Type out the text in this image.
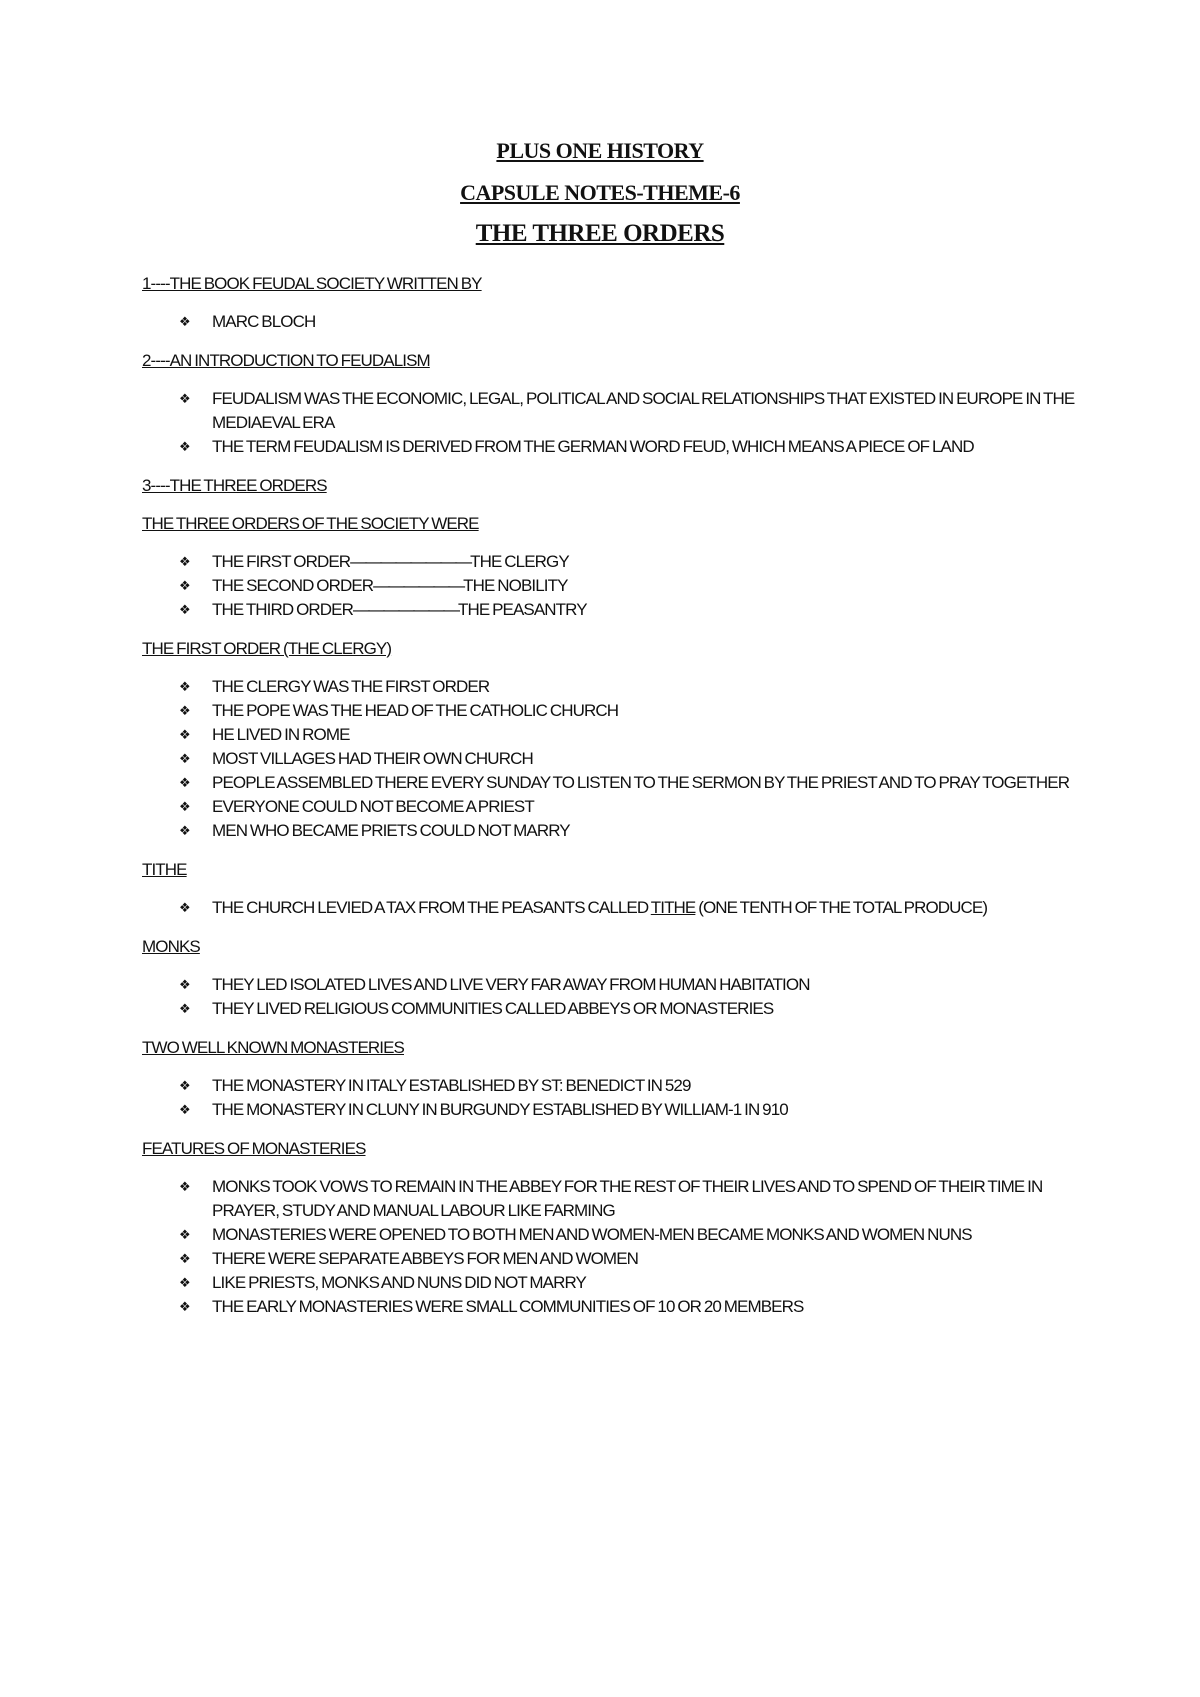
PLUS ONE HISTORY

CAPSULE NOTES-THEME-6

THE THREE ORDERS

1----THE BOOK FEUDAL SOCIETY WRITTEN BY

❖ MARC BLOCH

2----AN INTRODUCTION TO FEUDALISM

❖ FEUDALISM WAS THE ECONOMIC, LEGAL, POLITICAL AND SOCIAL RELATIONSHIPS THAT EXISTED IN EUROPE IN THE MEDIAEVAL ERA
❖ THE TERM FEUDALISM IS DERIVED FROM THE GERMAN WORD FEUD, WHICH MEANS A PIECE OF LAND

3----THE THREE ORDERS

THE THREE ORDERS OF THE SOCIETY WERE

❖ THE FIRST ORDER————————THE CLERGY
❖ THE SECOND ORDER——————THE NOBILITY
❖ THE THIRD ORDER———————THE PEASANTRY

THE FIRST ORDER (THE CLERGY)

❖ THE CLERGY WAS THE FIRST ORDER
❖ THE POPE WAS THE HEAD OF THE CATHOLIC CHURCH
❖ HE LIVED IN ROME
❖ MOST VILLAGES HAD THEIR OWN CHURCH
❖ PEOPLE ASSEMBLED THERE EVERY SUNDAY TO LISTEN TO THE SERMON BY THE PRIEST AND TO PRAY TOGETHER
❖ EVERYONE COULD NOT BECOME A PRIEST
❖ MEN WHO BECAME PRIETS COULD NOT MARRY

TITHE

❖ THE CHURCH LEVIED A TAX FROM THE PEASANTS CALLED TITHE (ONE TENTH OF THE TOTAL PRODUCE)

MONKS

❖ THEY LED ISOLATED LIVES AND LIVE VERY FAR AWAY FROM HUMAN HABITATION
❖ THEY LIVED RELIGIOUS COMMUNITIES CALLED ABBEYS OR MONASTERIES

TWO WELL KNOWN MONASTERIES

❖ THE MONASTERY IN ITALY ESTABLISHED BY ST: BENEDICT IN 529
❖ THE MONASTERY IN CLUNY IN BURGUNDY ESTABLISHED BY WILLIAM-1 IN 910

FEATURES OF MONASTERIES

❖ MONKS TOOK VOWS TO REMAIN IN THE ABBEY FOR THE REST OF THEIR LIVES AND TO SPEND OF THEIR TIME IN PRAYER, STUDY AND MANUAL LABOUR LIKE FARMING
❖ MONASTERIES WERE OPENED TO BOTH MEN AND WOMEN-MEN BECAME MONKS AND WOMEN NUNS
❖ THERE WERE SEPARATE ABBEYS FOR MEN AND WOMEN
❖ LIKE PRIESTS, MONKS AND NUNS DID NOT MARRY
❖ THE EARLY MONASTERIES WERE SMALL COMMUNITIES OF 10 OR 20 MEMBERS
